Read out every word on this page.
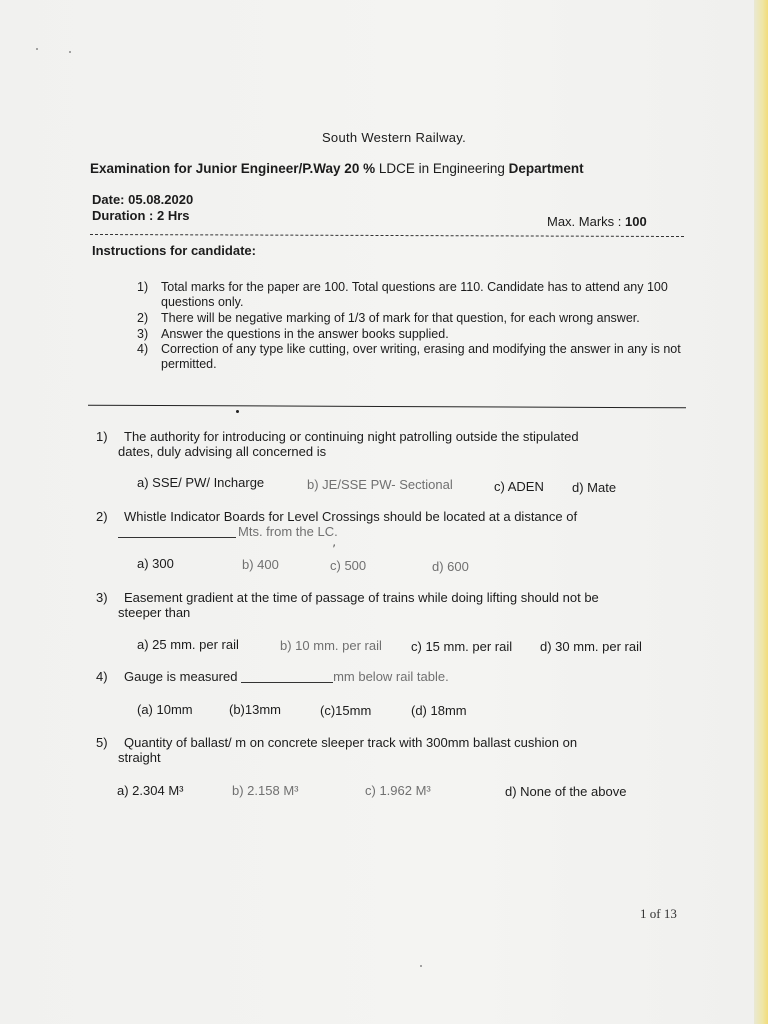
South Western Railway.
Examination for Junior Engineer/P.Way 20 % LDCE in Engineering Department
Date: 05.08.2020
Duration : 2 Hrs	Max. Marks : 100
Instructions for candidate:
1)	Total marks for the paper are 100. Total questions are 110. Candidate has to attend any 100 questions only.
2)	There will be negative marking of 1/3 of mark for that question, for each wrong answer.
3)	Answer the questions in the answer books supplied.
4)	Correction of any type like cutting, over writing, erasing and modifying the answer in any is not permitted.
1) The authority for introducing or continuing night patrolling outside the stipulated
dates, duly advising all concerned is
a) SSE/ PW/ Incharge	b) JE/SSE PW- Sectional	c) ADEN d) Mate
2) Whistle Indicator Boards for Level Crossings should be located at a distance of
Mts. from the LC.
′
a) 300	b) 400	c) 500	d) 600
3) Easement gradient at the time of passage of trains while doing lifting should not be
steeper than
a) 25 mm. per rail	b) 10 mm. per rail c) 15 mm. per rail d) 30 mm. per rail
4) Gauge is measured	mm below rail table.
(a) 10mm	(b)13mm	(c)15mm	(d) 18mm
5) Quantity of ballast/ m on concrete sleeper track with 300mm ballast cushion on
straight
a) 2.304 M³	b) 2.158 M³	c) 1.962 M³	d) None of the above
1 of 13
